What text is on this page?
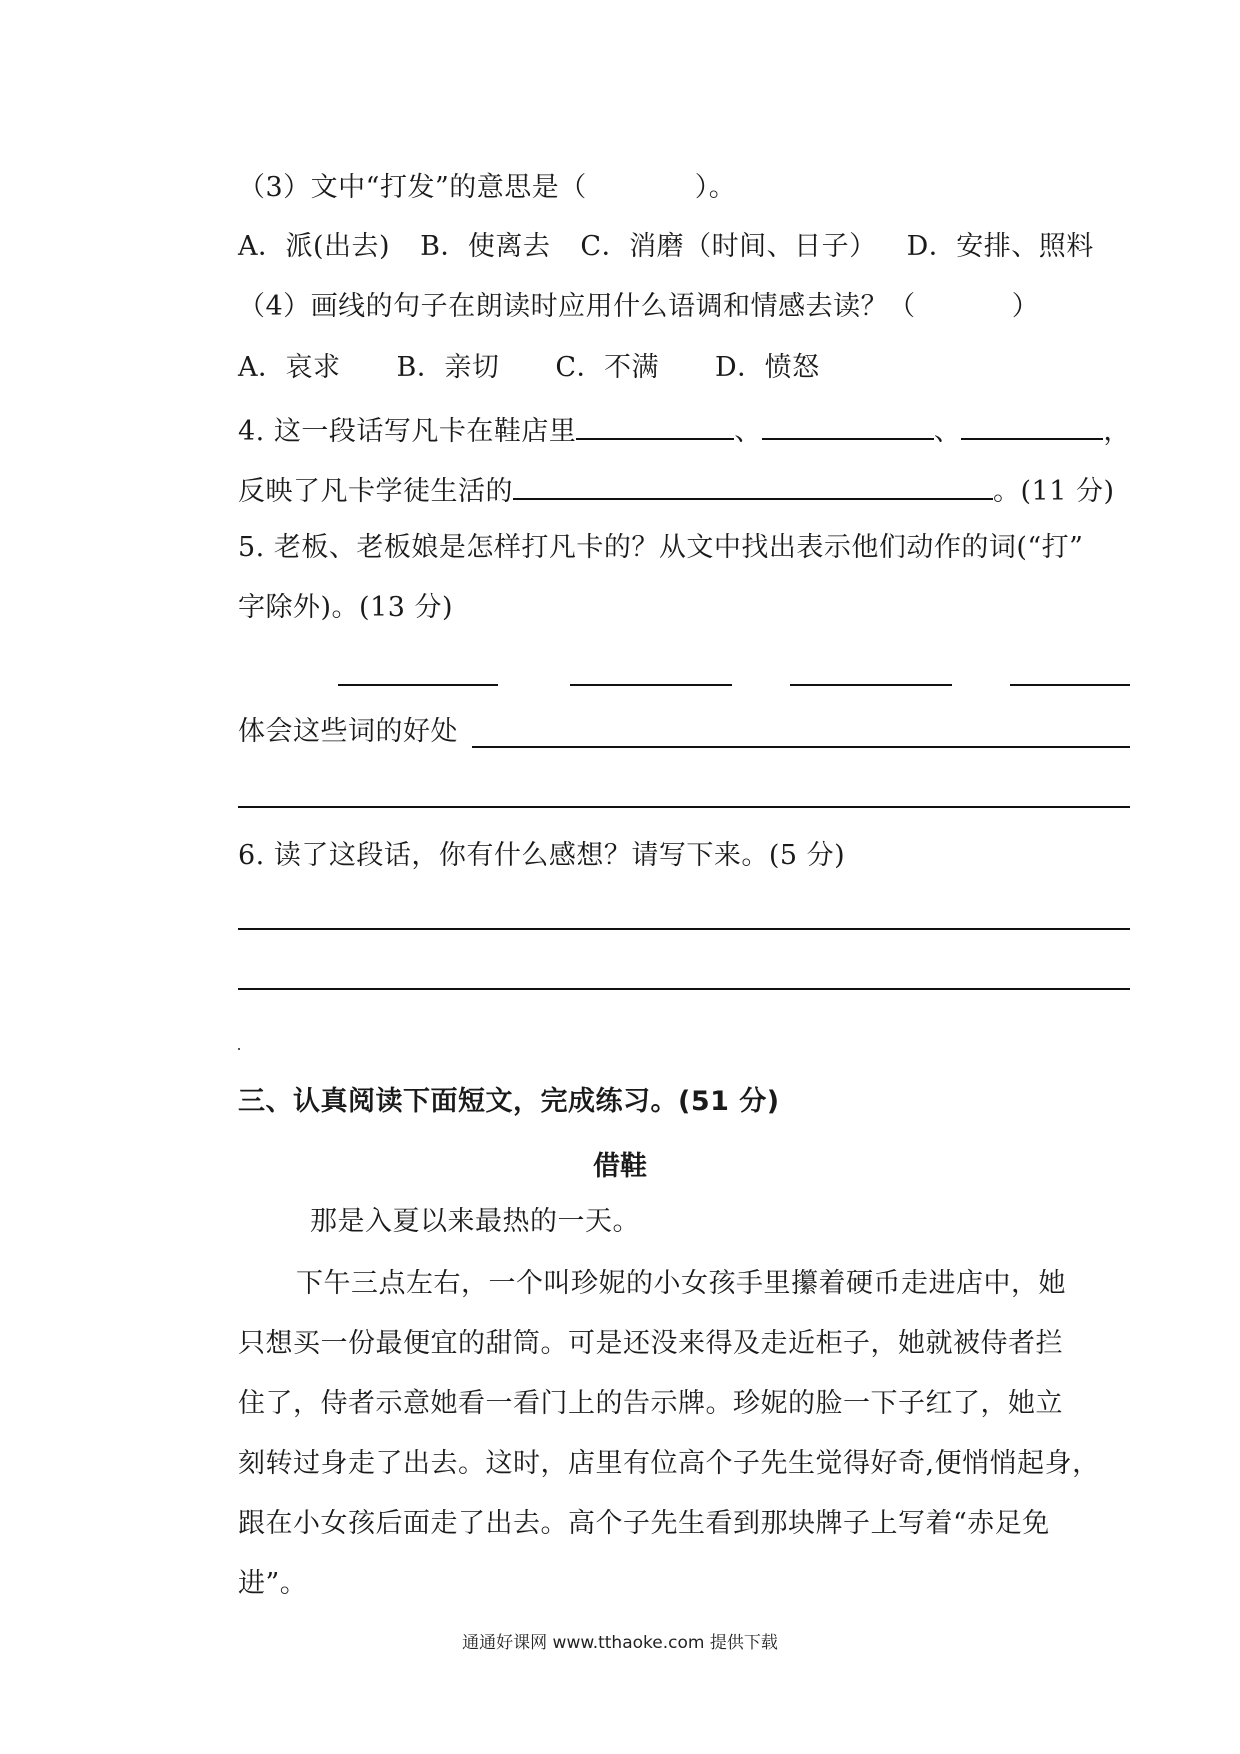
（3）文中“打发”的意思是（	）。
A．派(出去) B．使离去 C．消磨（时间、日子） D．安排、照料
（4）画线的句子在朗读时应用什么语调和情感去读？（	）
A．哀求 B．亲切 C．不满 D．愤怒
4. 这一段话写凡卡在鞋店里	、	、	，
反映了凡卡学徒生活的	。(11 分)
5. 老板、老板娘是怎样打凡卡的？从文中找出表示他们动作的词(“打”
字除外)。(13 分)
体会这些词的好处
6. 读了这段话，你有什么感想？请写下来。(5 分)
三、认真阅读下面短文，完成练习。(51 分)
借鞋
那是入夏以来最热的一天。
下午三点左右，一个叫珍妮的小女孩手里攥着硬币走进店中，她
只想买一份最便宜的甜筒。可是还没来得及走近柜子，她就被侍者拦
住了，侍者示意她看一看门上的告示牌。珍妮的脸一下子红了，她立
刻转过身走了出去。这时，店里有位高个子先生觉得好奇,便悄悄起身，
跟在小女孩后面走了出去。高个子先生看到那块牌子上写着“赤足免
进”。
通通好课网 www.tthaoke.com 提供下载
